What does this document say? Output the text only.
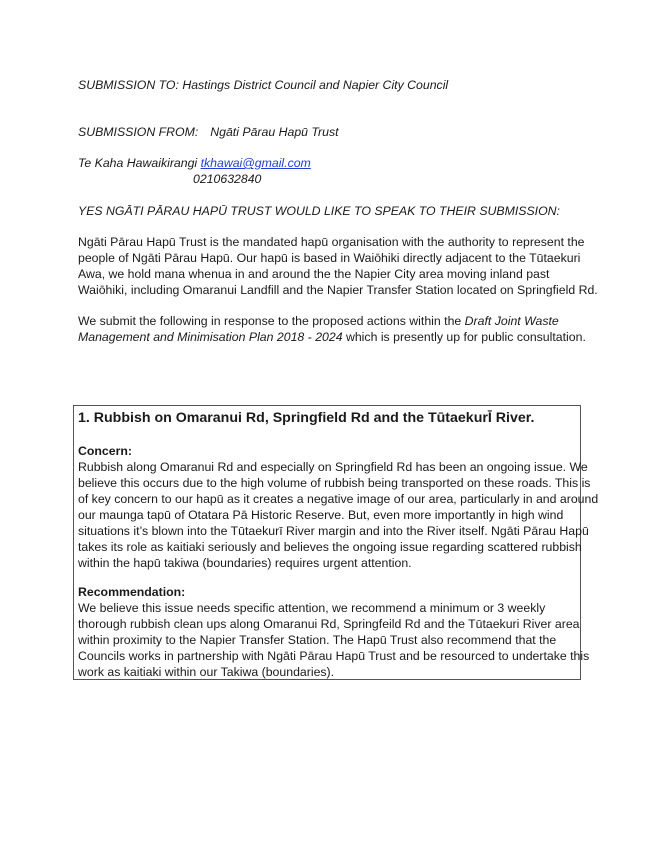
SUBMISSION TO: Hastings District Council and Napier City Council
SUBMISSION FROM: Ngāti Pārau Hapū Trust
Te Kaha Hawaikirangi tkhawai@gmail.com
0210632840
YES NGĀTI PĀRAU HAPŪ TRUST WOULD LIKE TO SPEAK TO THEIR SUBMISSION:
Ngāti Pārau Hapū Trust is the mandated hapū organisation with the authority to represent the
people of Ngāti Pārau Hapū. Our hapū is based in Waiōhiki directly adjacent to the Tūtaekuri
Awa, we hold mana whenua in and around the the Napier City area moving inland past
Waiōhiki, including Omaranui Landfill and the Napier Transfer Station located on Springfield Rd.
We submit the following in response to the proposed actions within the Draft Joint Waste
Management and Minimisation Plan 2018 - 2024 which is presently up for public consultation.
1. Rubbish on Omaranui Rd, Springfield Rd and the TūtaekurĪ River.
Concern:
Rubbish along Omaranui Rd and especially on Springfield Rd has been an ongoing issue. We
believe this occurs due to the high volume of rubbish being transported on these roads. This is
of key concern to our hapū as it creates a negative image of our area, particularly in and around
our maunga tapū of Otatara Pā Historic Reserve. But, even more importantly in high wind
situations it’s blown into the Tūtaekurī River margin and into the River itself. Ngāti Pārau Hapū
takes its role as kaitiaki seriously and believes the ongoing issue regarding scattered rubbish
within the hapū takiwa (boundaries) requires urgent attention.
Recommendation:
We believe this issue needs specific attention, we recommend a minimum or 3 weekly
thorough rubbish clean ups along Omaranui Rd, Springfeild Rd and the Tūtaekuri River area
within proximity to the Napier Transfer Station. The Hapū Trust also recommend that the
Councils works in partnership with Ngāti Pārau Hapū Trust and be resourced to undertake this
work as kaitiaki within our Takiwa (boundaries).
